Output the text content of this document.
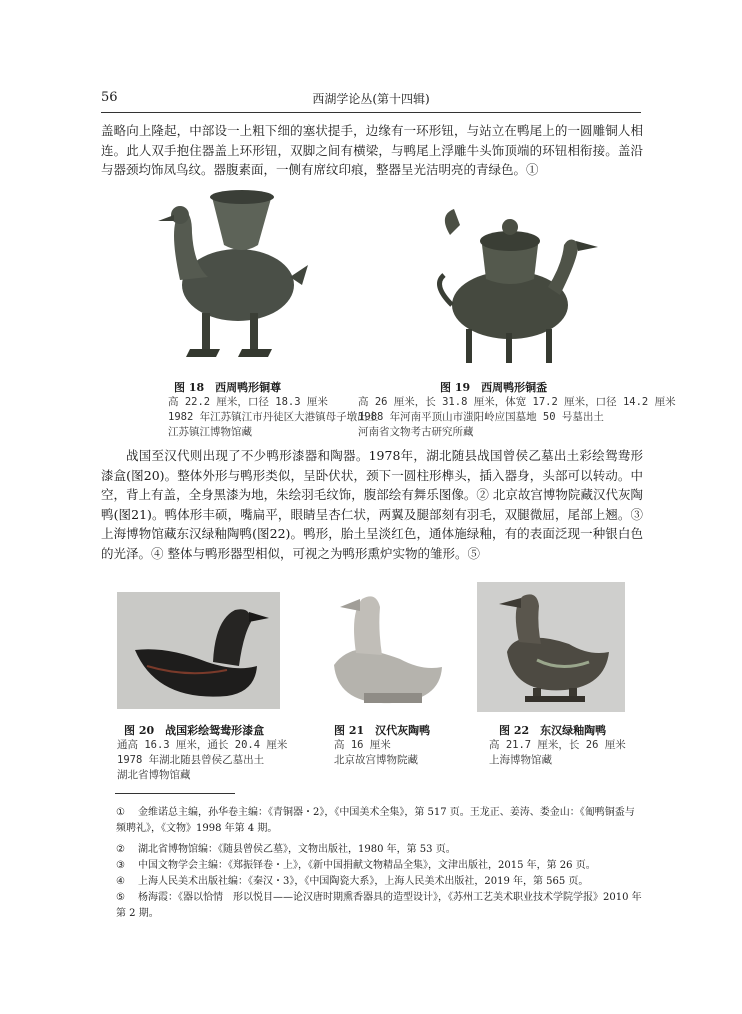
56	西湖学论丛(第十四辑)

盖略向上隆起，中部设一上粗下细的塞状提手，边缘有一环形钮，与站立在鸭尾上的一圆雕铜人相连。此人双手抱住器盖上环形钮，双脚之间有横梁，与鸭尾上浮雕牛头饰顶端的环钮相衔接。盖沿与器颈均饰凤鸟纹。器腹素面，一侧有席纹印痕，整器呈光洁明亮的青绿色。①

图 18　西周鸭形铜尊
高 22.2 厘米，口径 18.3 厘米
1982 年江苏镇江市丹徒区大港镇母子墩出土
江苏镇江博物馆藏
图 19　西周鸭形铜盉
高 26 厘米，长 31.8 厘米，体宽 17.2 厘米，口径 14.2 厘米
1988 年河南平顶山市滍阳岭应国墓地 50 号墓出土
河南省文物考古研究所藏

战国至汉代则出现了不少鸭形漆器和陶器。1978年，湖北随县战国曾侯乙墓出土彩绘鸳鸯形漆盒(图20)。整体外形与鸭形类似，呈卧伏状，颈下一圆柱形榫头，插入器身，头部可以转动。中空，背上有盖，全身黑漆为地，朱绘羽毛纹饰，腹部绘有舞乐图像。② 北京故宫博物院藏汉代灰陶鸭(图21)。鸭体形丰硕，嘴扁平，眼睛呈杏仁状，两翼及腿部刻有羽毛，双腿微屈，尾部上翘。③ 上海博物馆藏东汉绿釉陶鸭(图22)。鸭形，胎土呈淡红色，通体施绿釉，有的表面泛现一种银白色的光泽。④ 整体与鸭形器型相似，可视之为鸭形熏炉实物的雏形。⑤

图 20　战国彩绘鸳鸯形漆盒
通高 16.3 厘米，通长 20.4 厘米
1978 年湖北随县曾侯乙墓出土
湖北省博物馆藏
图 21　汉代灰陶鸭
高 16 厘米
北京故宫博物院藏
图 22　东汉绿釉陶鸭
高 21.7 厘米，长 26 厘米
上海博物馆藏

① 金维诺总主编，孙华卷主编：《青铜器・2》，《中国美术全集》，第 517 页。王龙正、姜涛、娄金山：《匍鸭铜盉与频聘礼》，《文物》1998 年第 4 期。

② 湖北省博物馆编：《随县曾侯乙墓》，文物出版社，1980 年，第 53 页。

③ 中国文物学会主编：《郑振铎卷・上》，《新中国捐献文物精品全集》，文津出版社，2015 年，第 26 页。

④ 上海人民美术出版社编：《秦汉・3》，《中国陶瓷大系》，上海人民美术出版社，2019 年，第 565 页。

⑤ 杨海霞：《器以恰情　形以悦目——论汉唐时期熏香器具的造型设计》，《苏州工艺美术职业技术学院学报》2010 年第 2 期。
